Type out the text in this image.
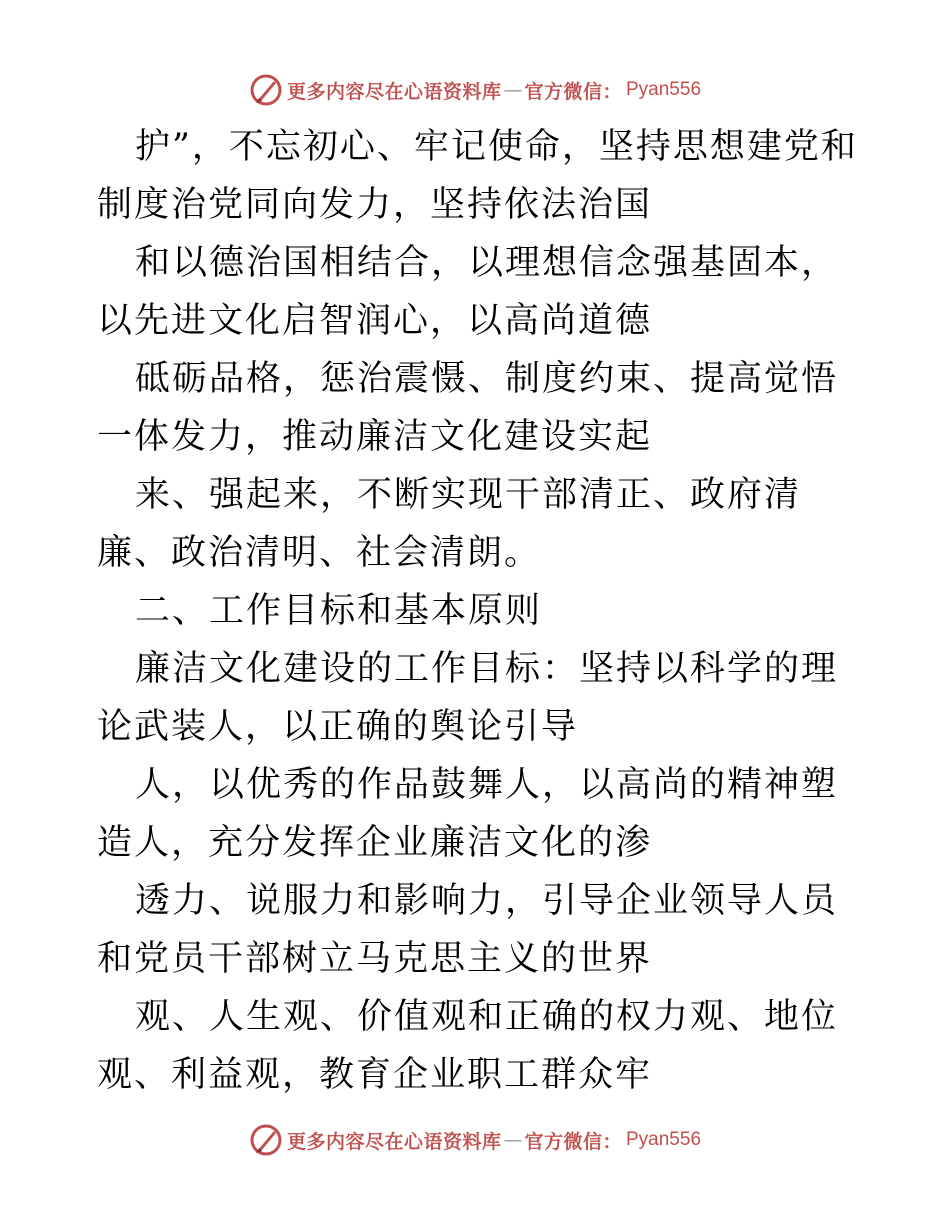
更多内容尽在心语资料库 — 官方微信： Pyan556

护”，不忘初心、牢记使命，坚持思想建党和制度治党同向发力，坚持依法治国

和以德治国相结合，以理想信念强基固本，以先进文化启智润心，以高尚道德

砥砺品格，惩治震慑、制度约束、提高觉悟一体发力，推动廉洁文化建设实起

来、强起来，不断实现干部清正、政府清廉、政治清明、社会清朗。

二、工作目标和基本原则

廉洁文化建设的工作目标：坚持以科学的理论武装人，以正确的舆论引导

人，以优秀的作品鼓舞人，以高尚的精神塑造人，充分发挥企业廉洁文化的渗

透力、说服力和影响力，引导企业领导人员和党员干部树立马克思主义的世界

观、人生观、价值观和正确的权力观、地位观、利益观，教育企业职工群众牢

更多内容尽在心语资料库 — 官方微信： Pyan556
